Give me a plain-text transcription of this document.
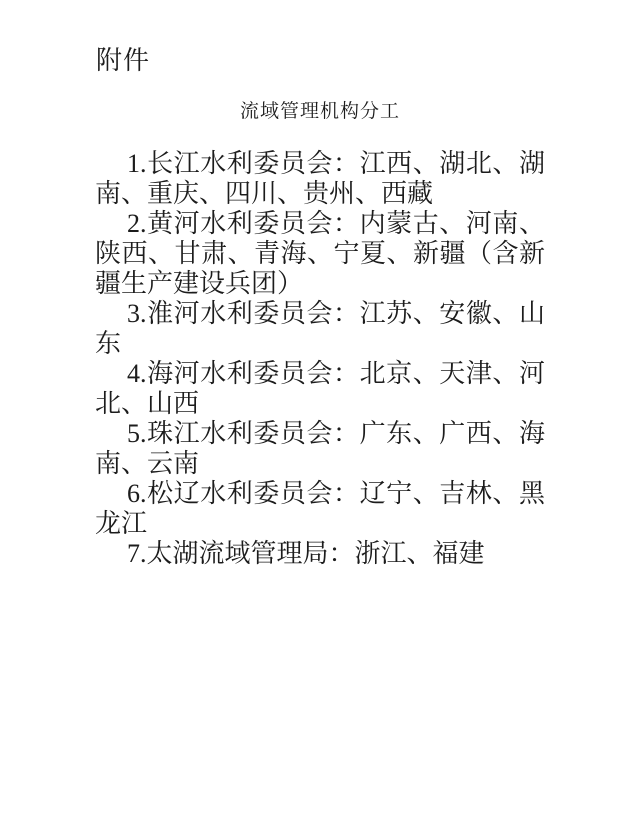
附件
流域管理机构分工

1.长江水利委员会：江西、湖北、湖南、重庆、四川、贵州、西藏

2.黄河水利委员会：内蒙古、河南、陕西、甘肃、青海、宁夏、新疆（含新疆生产建设兵团）

3.淮河水利委员会：江苏、安徽、山东

4.海河水利委员会：北京、天津、河北、山西

5.珠江水利委员会：广东、广西、海南、云南

6.松辽水利委员会：辽宁、吉林、黑龙江

7.太湖流域管理局：浙江、福建
